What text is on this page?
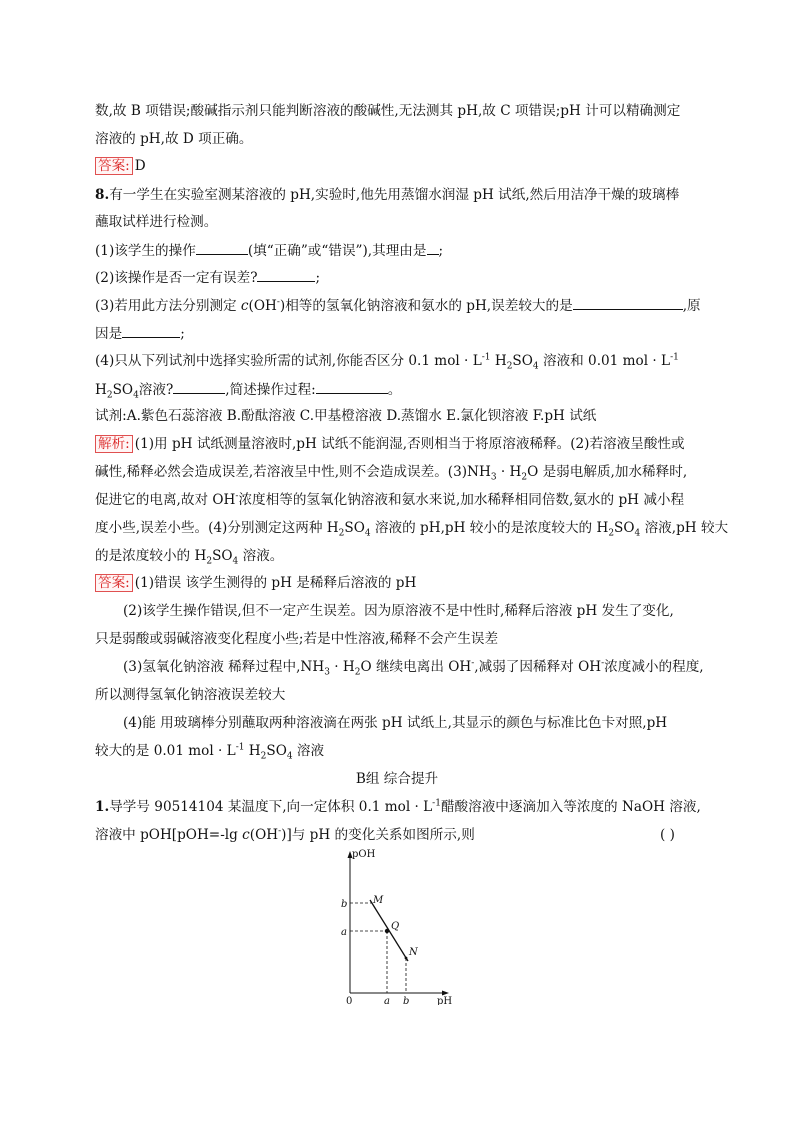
数,故 B 项错误;酸碱指示剂只能判断溶液的酸碱性,无法测其 pH,故 C 项错误;pH 计可以精确测定
溶液的 pH,故 D 项正确。
答案: D
8.有一学生在实验室测某溶液的 pH,实验时,他先用蒸馏水润湿 pH 试纸,然后用洁净干燥的玻璃棒
蘸取试样进行检测。
(1)该学生的操作	(填“正确”或“错误”),其理由是 ;
(2)该操作是否一定有误差?	;
(3)若用此方法分别测定 c(OH-)相等的氢氧化钠溶液和氨水的 pH,误差较大的是	,原
因是	;
(4)只从下列试剂中选择实验所需的试剂,你能否区分 0.1 mol · $L^{-1}$ $H_2SO_4$ 溶液和 0.01 mol · $L^{-1}$
$H_2SO_4$溶液?	,简述操作过程:	。
试剂:A.紫色石蕊溶液 B.酚酞溶液 C.甲基橙溶液 D.蒸馏水 E.氯化钡溶液 F.pH 试纸
解析: (1)用 pH 试纸测量溶液时,pH 试纸不能润湿,否则相当于将原溶液稀释。(2)若溶液呈酸性或
碱性,稀释必然会造成误差,若溶液呈中性,则不会造成误差。$(3)NH_3 \cdot H_2O$ 是弱电解质,加水稀释时,
促进它的电离,故对 OH-浓度相等的氢氧化钠溶液和氨水来说,加水稀释相同倍数,氨水的 pH 减小程
度小些,误差小些。(4)分别测定这两种 $H_2SO_4$ 溶液的 pH,pH 较小的是浓度较大的 $H_2SO_4$ 溶液,pH 较大
的是浓度较小的 $H_2SO_4$ 溶液。
答案: (1)错误 该学生测得的 pH 是稀释后溶液的 pH
(2)该学生操作错误,但不一定产生误差。因为原溶液不是中性时,稀释后溶液 pH 发生了变化,
只是弱酸或弱碱溶液变化程度小些;若是中性溶液,稀释不会产生误差
(3)氢氧化钠溶液 稀释过程中$,NH_3 \cdot H_2O$ 继续电离出 OH-,减弱了因稀释对 OH-浓度减小的程度,
所以测得氢氧化钠溶液误差较大
(4)能 用玻璃棒分别蘸取两种溶液滴在两张 pH 试纸上,其显示的颜色与标准比色卡对照,pH
较大的是 0.01 mol · $L^{-1}$ $H_2SO_4$ 溶液
B组 综合提升
1.导学号 90514104 某温度下,向一定体积 0.1 mol · $L^{-1}$醋酸溶液中逐滴加入等浓度的 NaOH 溶液,
溶液中 pOH[pOH=-lg c(OH-)]与 pH 的变化关系如图所示,则	( )
pOH
pH
0
b
a
a b
M
Q
N
